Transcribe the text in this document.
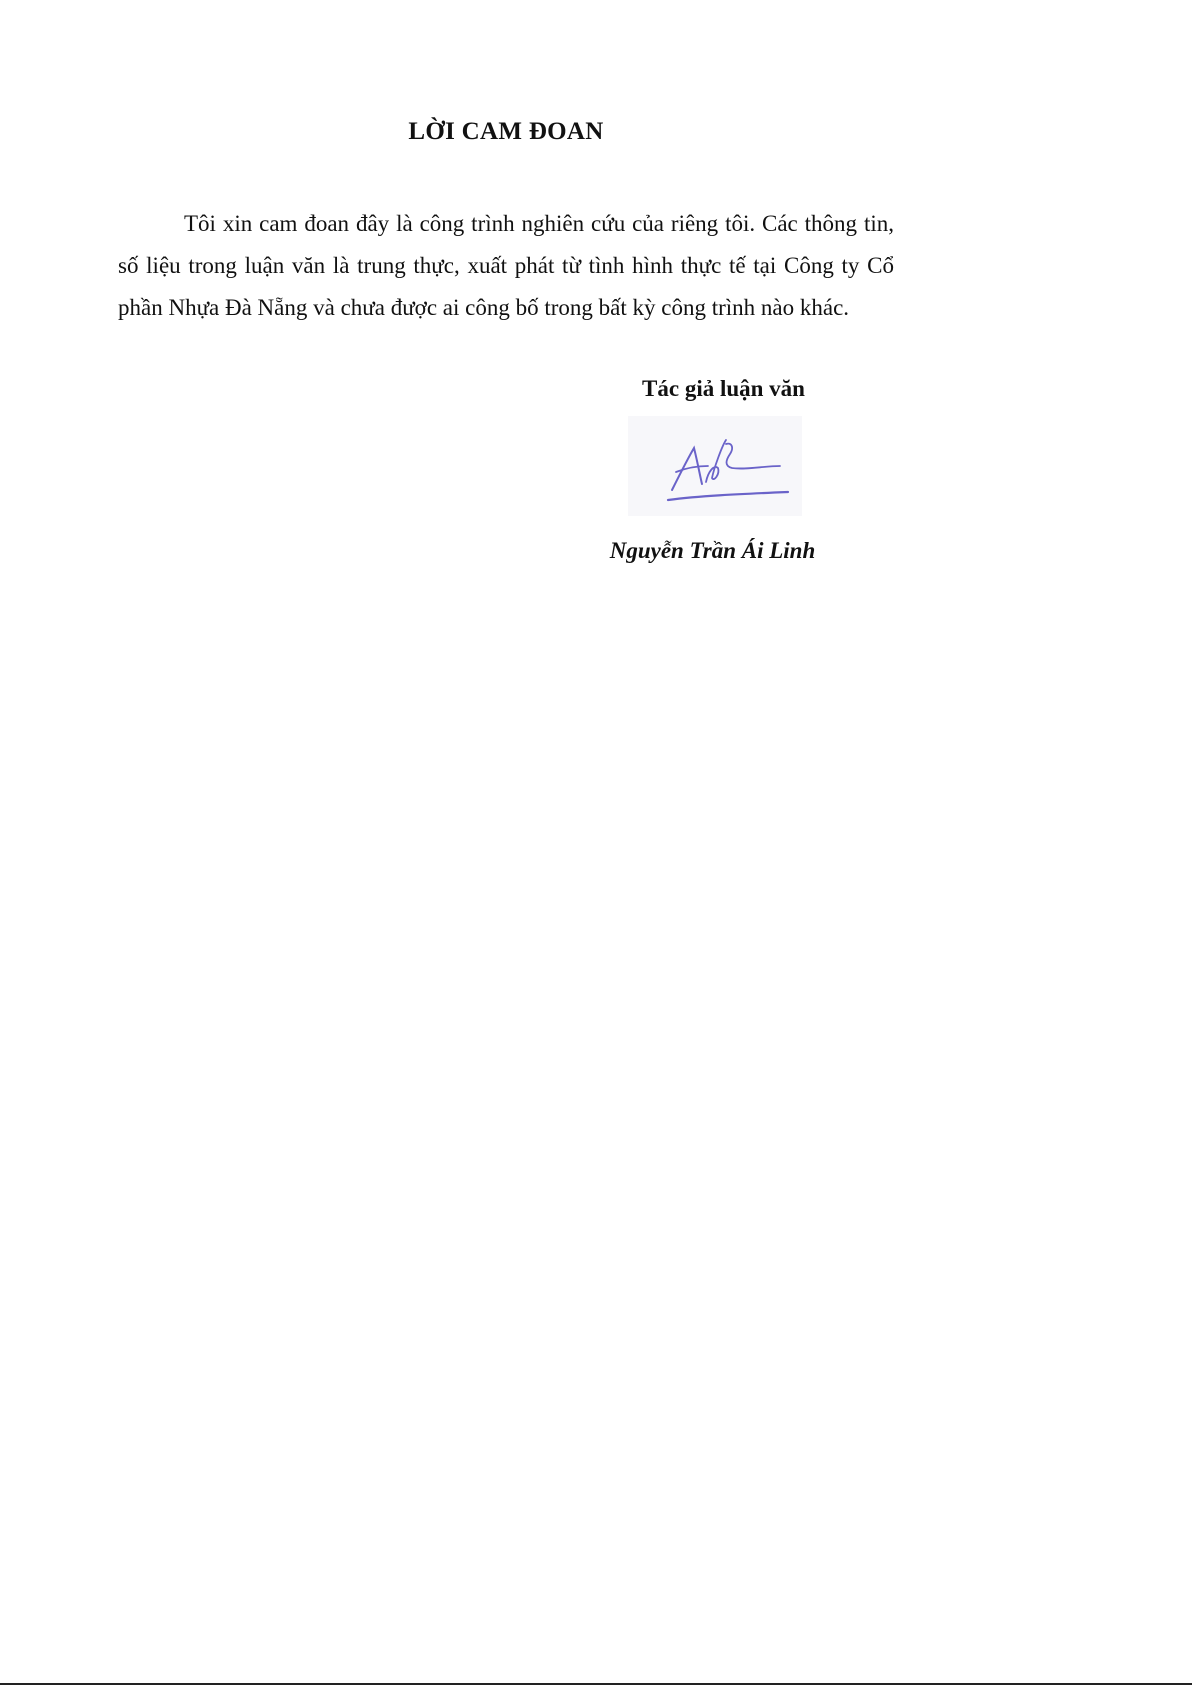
LỜI CAM ĐOAN

Tôi xin cam đoan đây là công trình nghiên cứu của riêng tôi. Các thông tin, số liệu trong luận văn là trung thực, xuất phát từ tình hình thực tế tại Công ty Cổ phần Nhựa Đà Nẵng và chưa được ai công bố trong bất kỳ công trình nào khác.

Tác giả luận văn
Nguyễn Trần Ái Linh
